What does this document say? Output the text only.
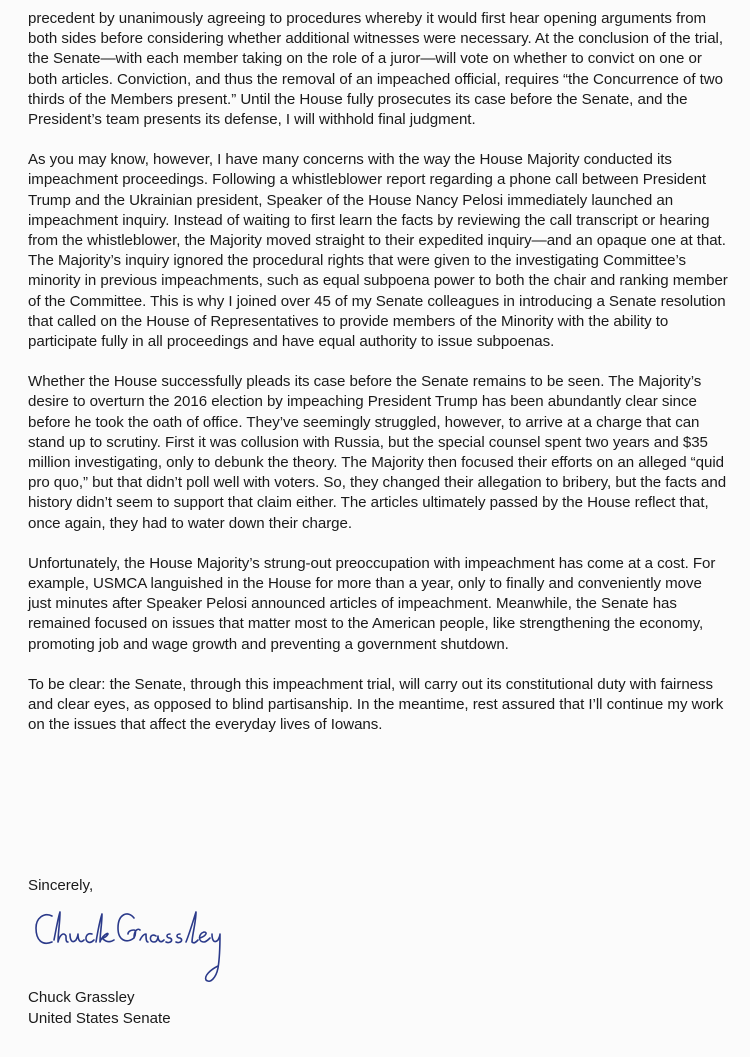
precedent by unanimously agreeing to procedures whereby it would first hear opening arguments from both sides before considering whether additional witnesses were necessary. At the conclusion of the trial, the Senate—with each member taking on the role of a juror—will vote on whether to convict on one or both articles. Conviction, and thus the removal of an impeached official, requires “the Concurrence of two thirds of the Members present.” Until the House fully prosecutes its case before the Senate, and the President’s team presents its defense, I will withhold final judgment.

As you may know, however, I have many concerns with the way the House Majority conducted its impeachment proceedings. Following a whistleblower report regarding a phone call between President Trump and the Ukrainian president, Speaker of the House Nancy Pelosi immediately launched an impeachment inquiry. Instead of waiting to first learn the facts by reviewing the call transcript or hearing from the whistleblower, the Majority moved straight to their expedited inquiry—and an opaque one at that. The Majority’s inquiry ignored the procedural rights that were given to the investigating Committee’s minority in previous impeachments, such as equal subpoena power to both the chair and ranking member of the Committee. This is why I joined over 45 of my Senate colleagues in introducing a Senate resolution that called on the House of Representatives to provide members of the Minority with the ability to participate fully in all proceedings and have equal authority to issue subpoenas.

Whether the House successfully pleads its case before the Senate remains to be seen. The Majority’s desire to overturn the 2016 election by impeaching President Trump has been abundantly clear since before he took the oath of office. They’ve seemingly struggled, however, to arrive at a charge that can stand up to scrutiny. First it was collusion with Russia, but the special counsel spent two years and $35 million investigating, only to debunk the theory. The Majority then focused their efforts on an alleged “quid pro quo,” but that didn’t poll well with voters. So, they changed their allegation to bribery, but the facts and history didn’t seem to support that claim either. The articles ultimately passed by the House reflect that, once again, they had to water down their charge.

Unfortunately, the House Majority’s strung-out preoccupation with impeachment has come at a cost. For example, USMCA languished in the House for more than a year, only to finally and conveniently move just minutes after Speaker Pelosi announced articles of impeachment. Meanwhile, the Senate has remained focused on issues that matter most to the American people, like strengthening the economy, promoting job and wage growth and preventing a government shutdown.

To be clear: the Senate, through this impeachment trial, will carry out its constitutional duty with fairness and clear eyes, as opposed to blind partisanship. In the meantime, rest assured that I’ll continue my work on the issues that affect the everyday lives of Iowans.

Sincerely,

Chuck Grassley
United States Senate
